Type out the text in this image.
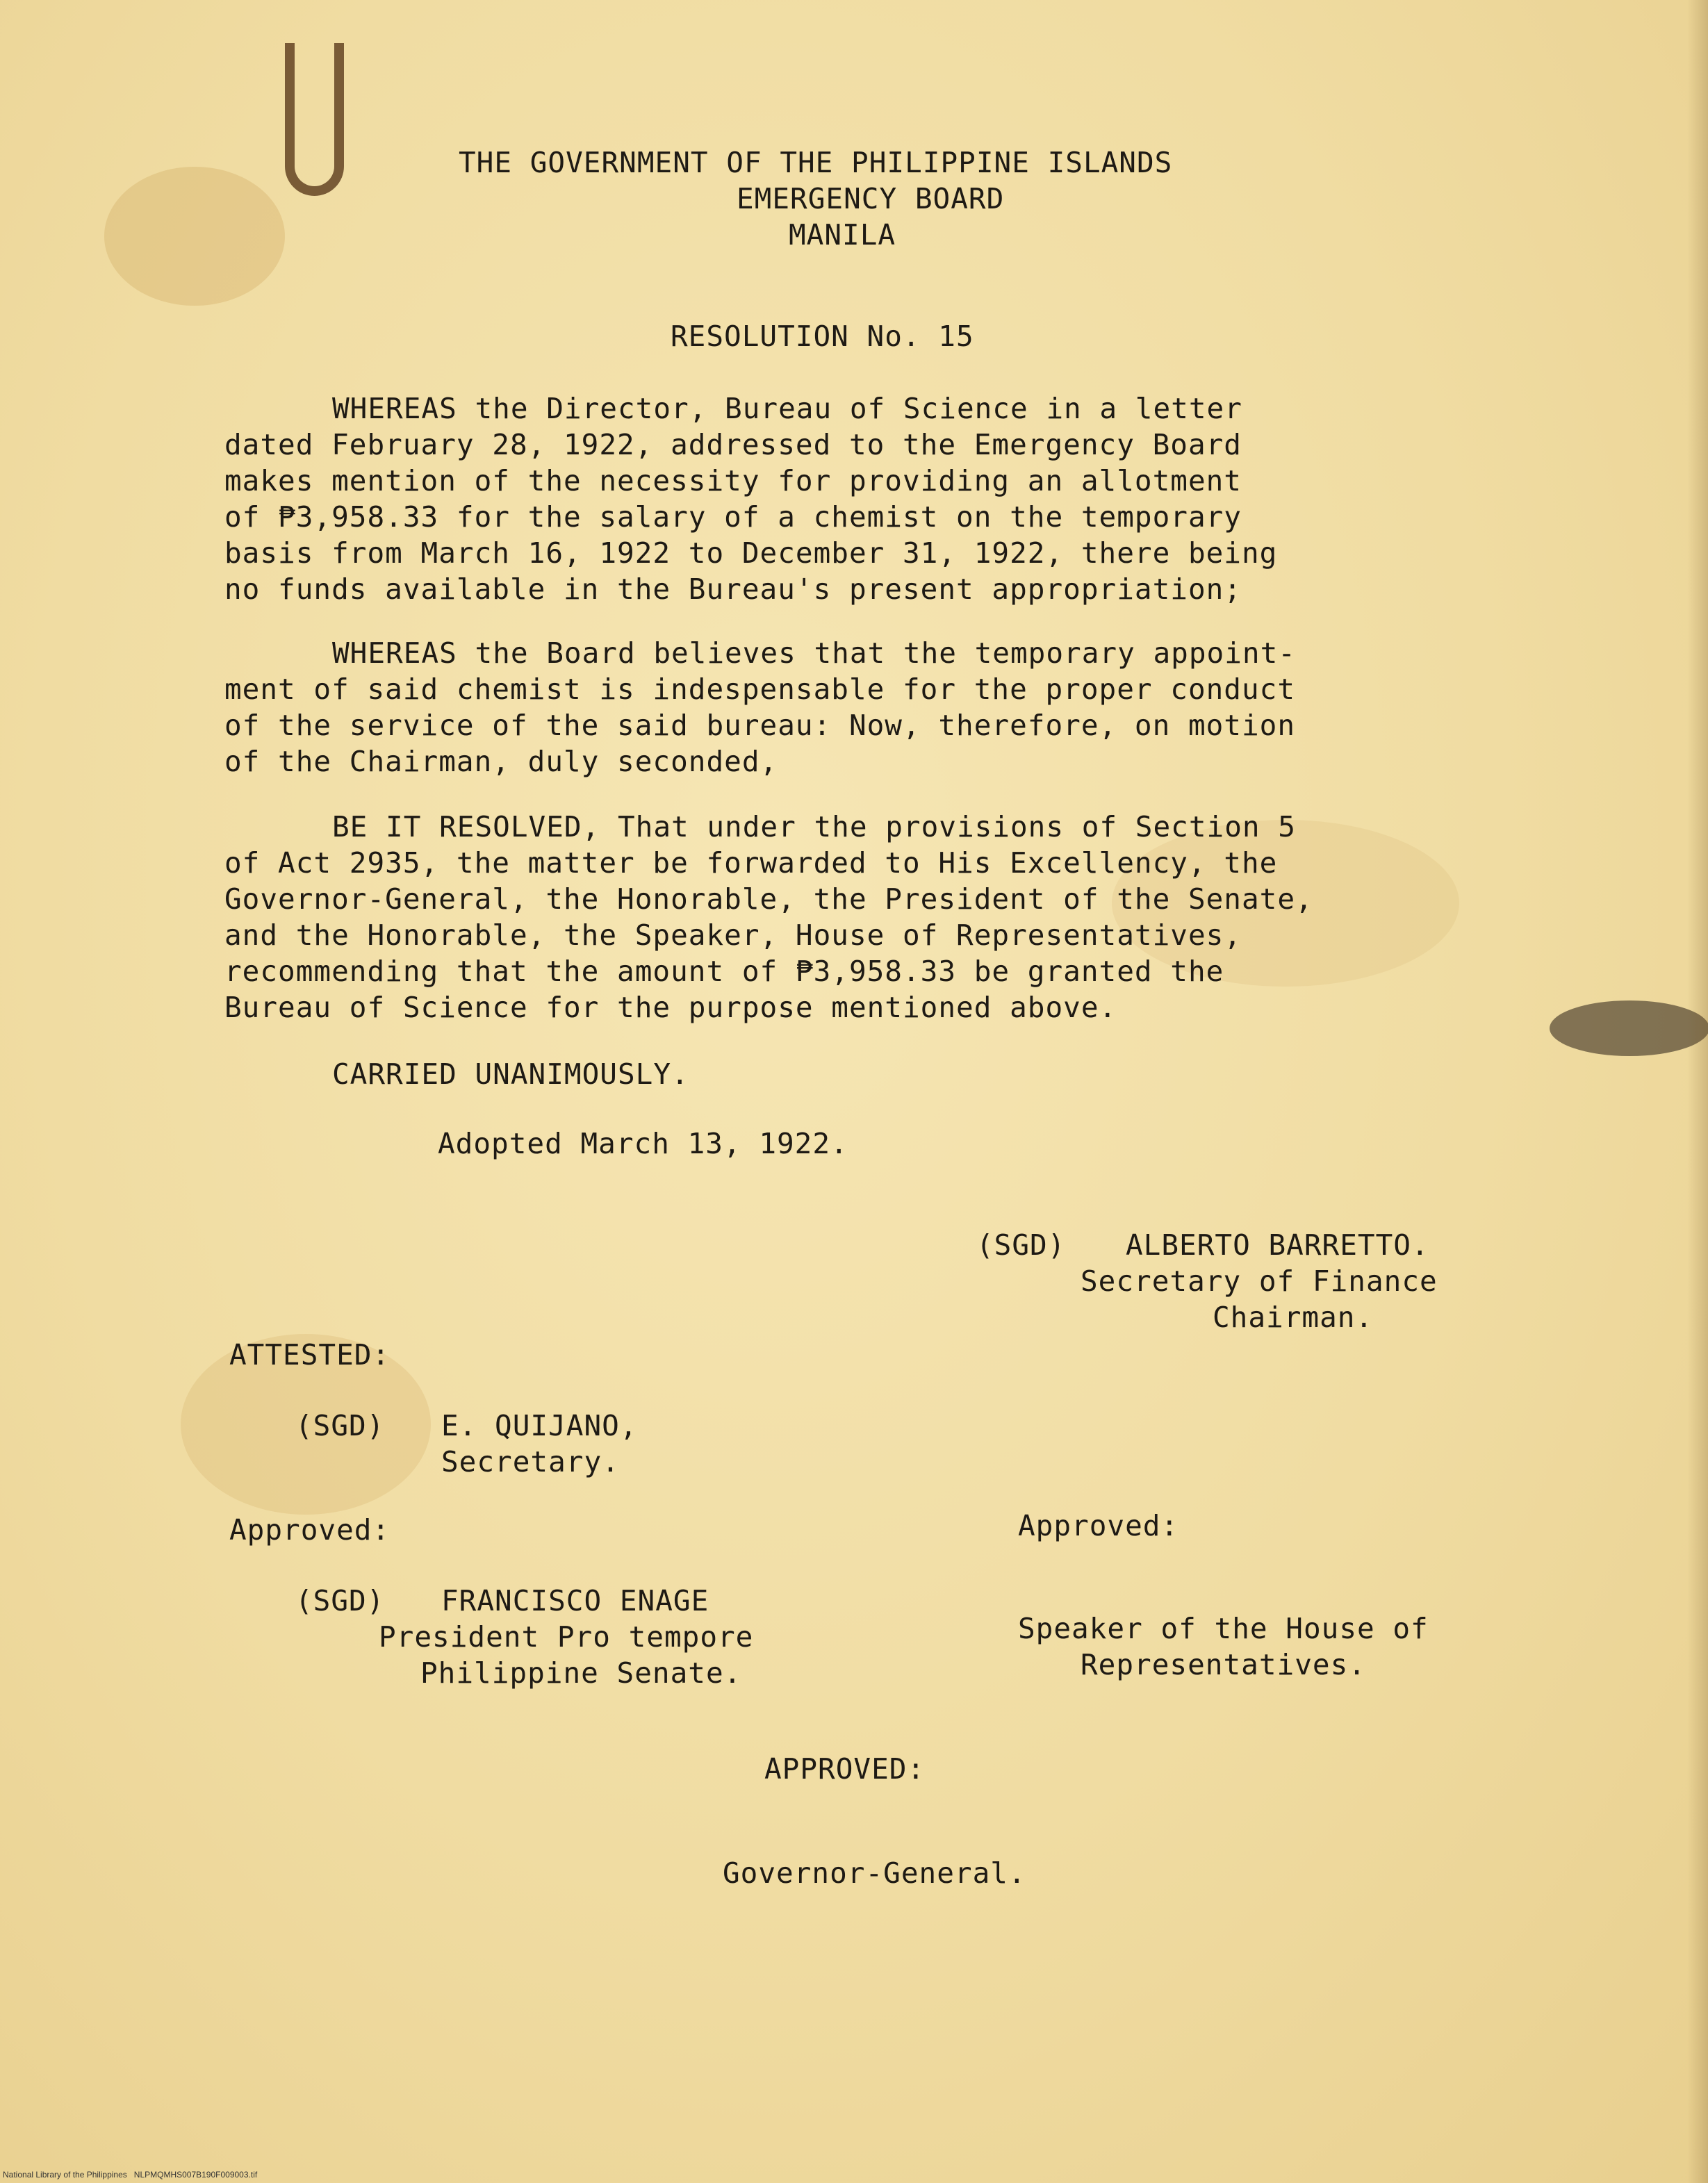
THE GOVERNMENT OF THE PHILIPPINE ISLANDS
EMERGENCY BOARD
MANILA
RESOLUTION No. 15
WHEREAS the Director, Bureau of Science in a letter
dated February 28, 1922, addressed to the Emergency Board
makes mention of the necessity for providing an allotment
of ₱3,958.33 for the salary of a chemist on the temporary
basis from March 16, 1922 to December 31, 1922, there being
no funds available in the Bureau's present appropriation;
WHEREAS the Board believes that the temporary appoint-
ment of said chemist is indespensable for the proper conduct
of the service of the said bureau: Now, therefore, on motion
of the Chairman, duly seconded,
BE IT RESOLVED, That under the provisions of Section 5
of Act 2935, the matter be forwarded to His Excellency, the
Governor-General, the Honorable, the President of the Senate,
and the Honorable, the Speaker, House of Representatives,
recommending that the amount of ₱3,958.33 be granted the
Bureau of Science for the purpose mentioned above.
CARRIED UNANIMOUSLY.
Adopted March 13, 1922.
(SGD) ALBERTO BARRETTO.
Secretary of Finance
Chairman.
ATTESTED:
(SGD) E. QUIJANO,
Secretary.
Approved:
(SGD) FRANCISCO ENAGE
President Pro tempore
Philippine Senate.
Approved:
Speaker of the House of
Representatives.
APPROVED:
Governor-General.
National Library of the Philippines   NLPMQMHS007B190F009003.tif
